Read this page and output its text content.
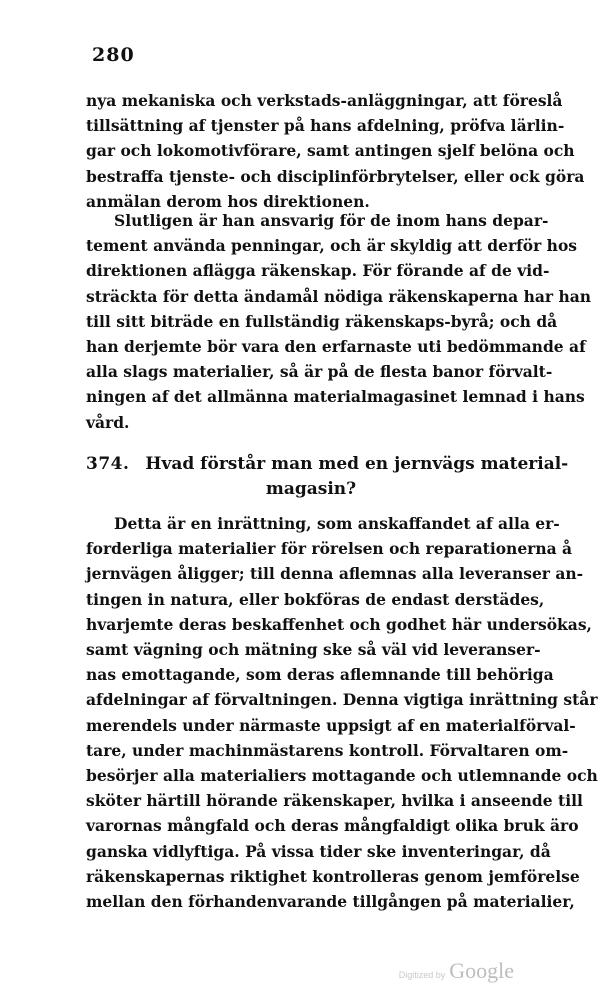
280
nya mekaniska och verkstads-anläggningar, att föreslå
tillsättning af tjenster på hans afdelning, pröfva lärlin-
gar och lokomotivförare, samt antingen sjelf belöna och
bestraffa tjenste- och disciplinförbrytelser, eller ock göra
anmälan derom hos direktionen.
Slutligen är han ansvarig för de inom hans depar-
tement använda penningar, och är skyldig att derför hos
direktionen aflägga räkenskap. För förande af de vid-
sträckta för detta ändamål nödiga räkenskaperna har han
till sitt biträde en fullständig räkenskaps-byrå; och då
han derjemte bör vara den erfarnaste uti bedömmande af
alla slags materialier, så är på de flesta banor förvalt-
ningen af det allmänna materialmagasinet lemnad i hans
vård.
374. Hvad förstår man med en jernvägs material-
magasin?
Detta är en inrättning, som anskaffandet af alla er-
forderliga materialier för rörelsen och reparationerna å
jernvägen åligger; till denna aflemnas alla leveranser an-
tingen in natura, eller bokföras de endast derstädes,
hvarjemte deras beskaffenhet och godhet här undersökas,
samt vägning och mätning ske så väl vid leveranser-
nas emottagande, som deras aflemnande till behöriga
afdelningar af förvaltningen. Denna vigtiga inrättning står
merendels under närmaste uppsigt af en materialförval-
tare, under machinmästarens kontroll. Förvaltaren om-
besörjer alla materialiers mottagande och utlemnande och
sköter härtill hörande räkenskaper, hvilka i anseende till
varornas mångfald och deras mångfaldigt olika bruk äro
ganska vidlyftiga. På vissa tider ske inventeringar, då
räkenskapernas riktighet kontrolleras genom jemförelse
mellan den förhandenvarande tillgången på materialier,
Digitized by Google
